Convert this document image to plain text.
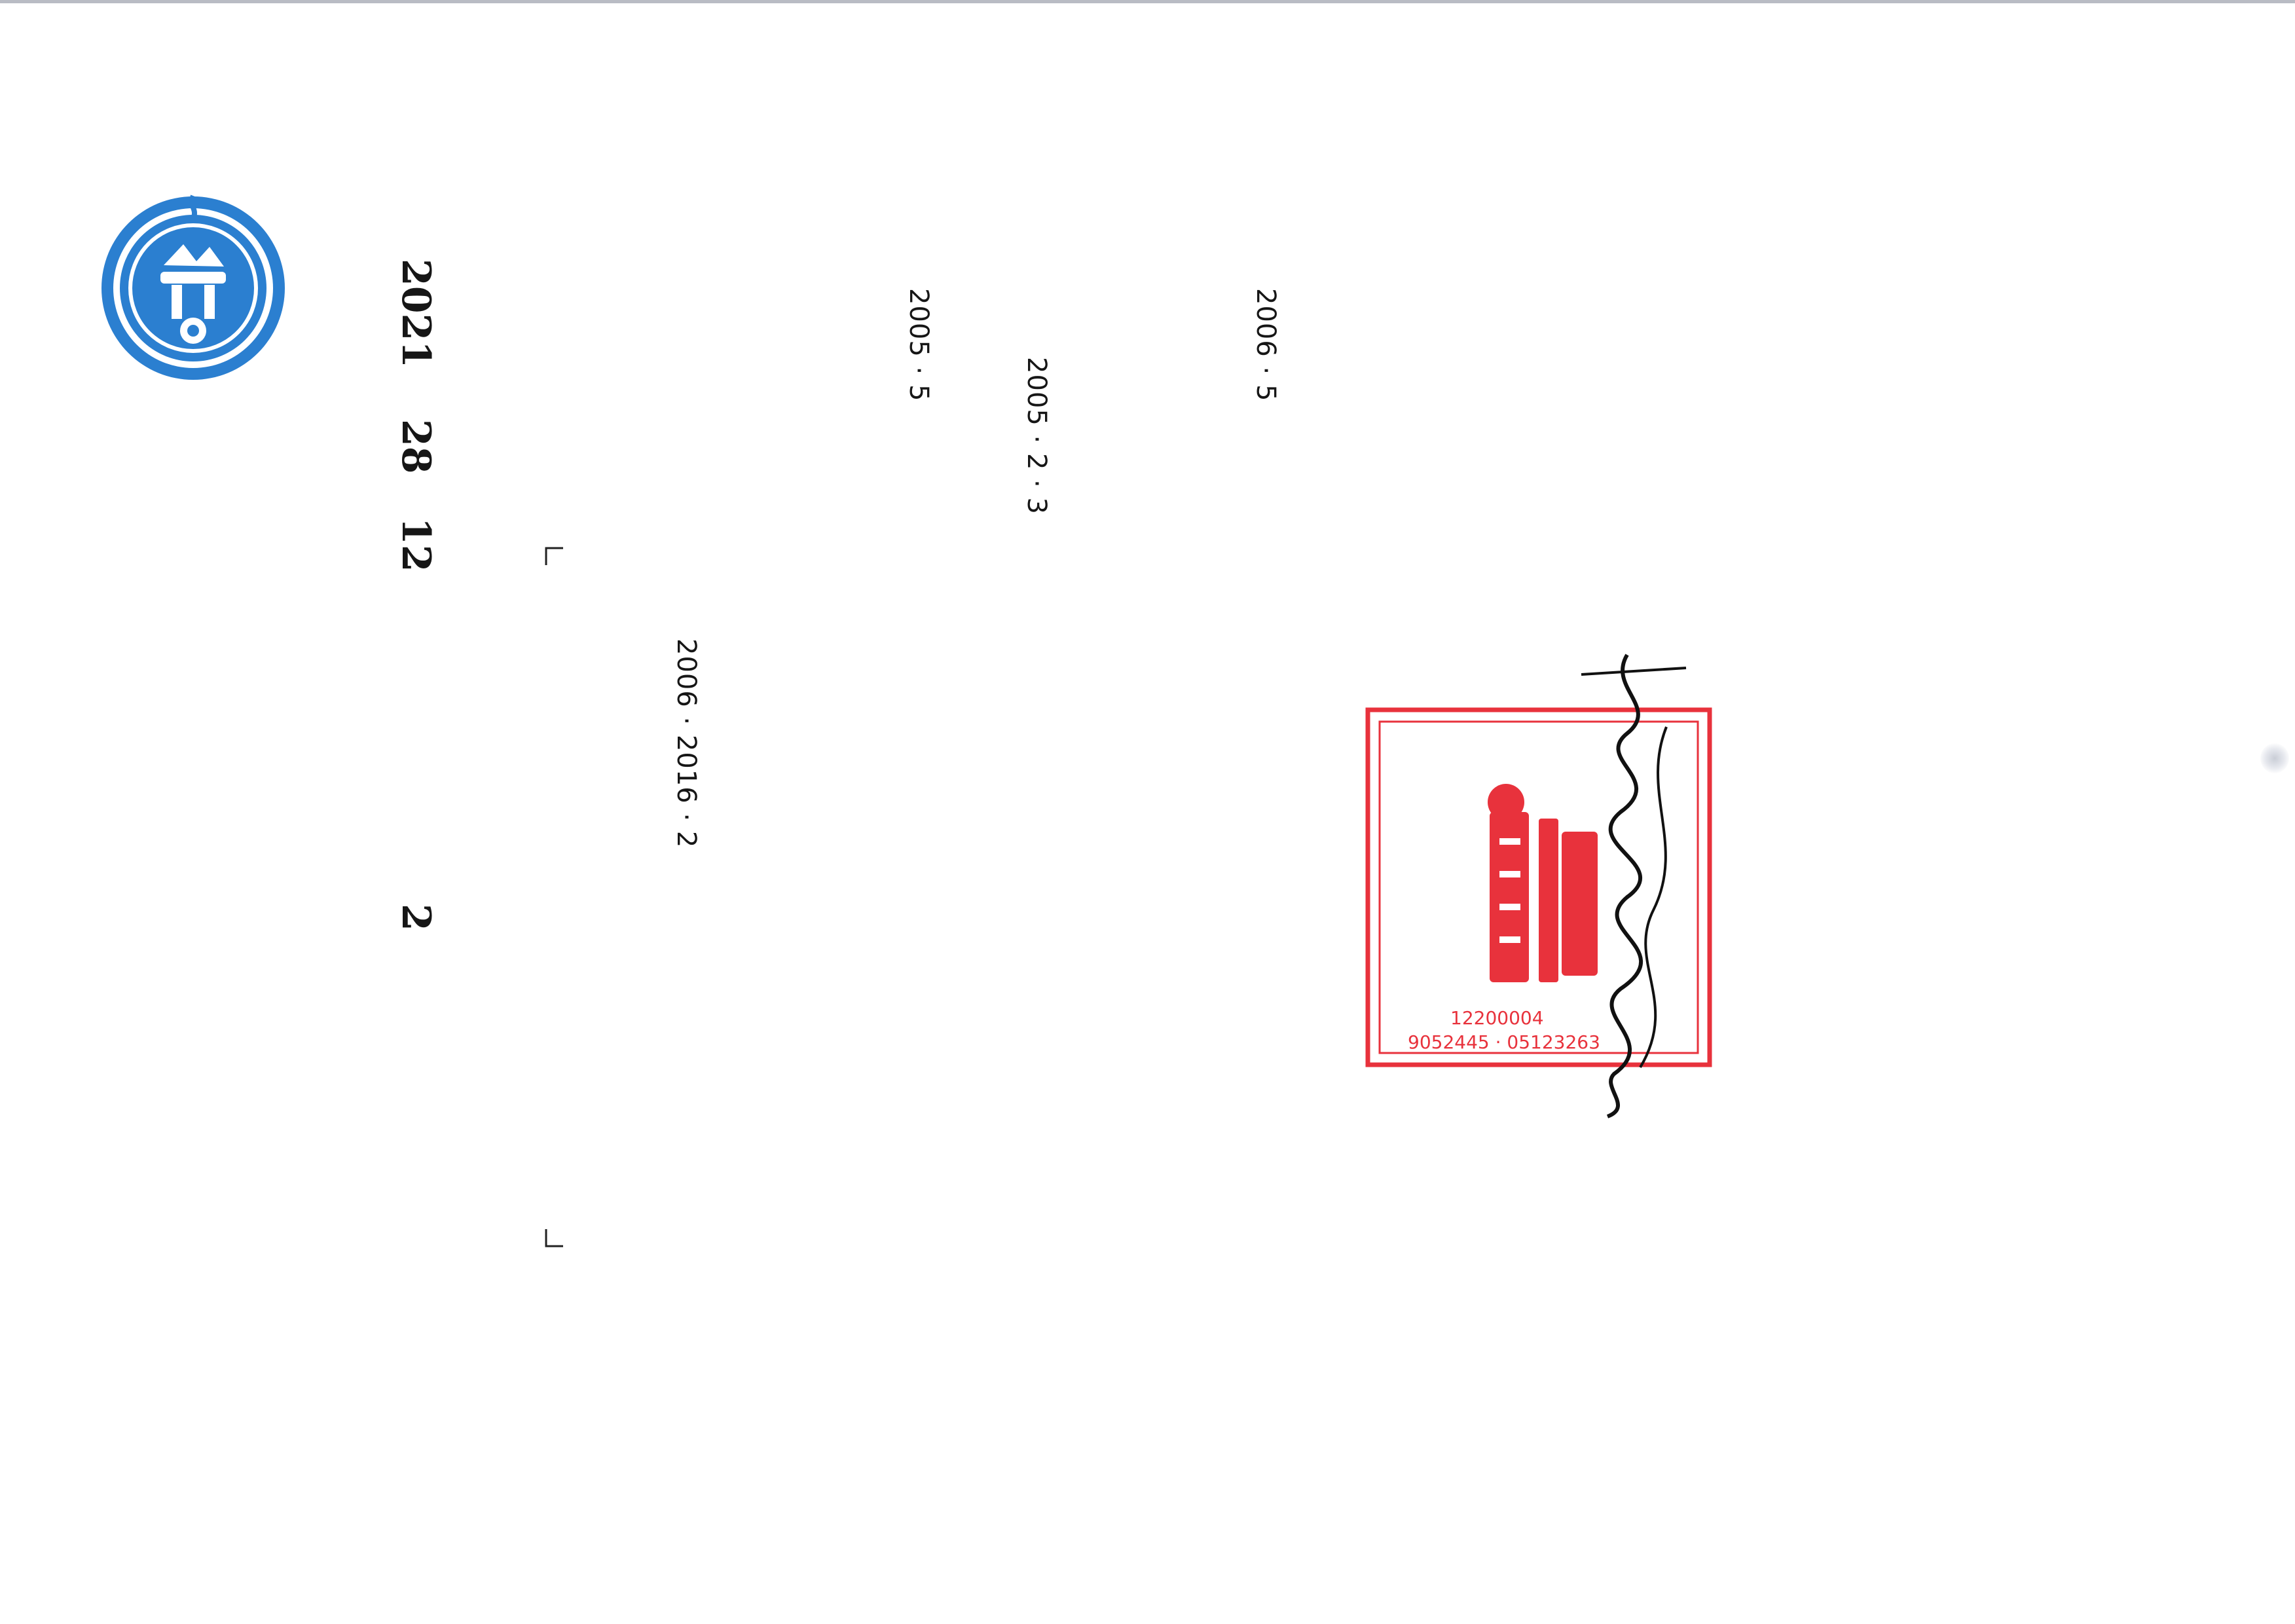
2021
28
12
2
2006 · 2016 · 2
2005 · 5
2005 · 2 · 3
2006 · 5
12200004
9052445 · 05123263
